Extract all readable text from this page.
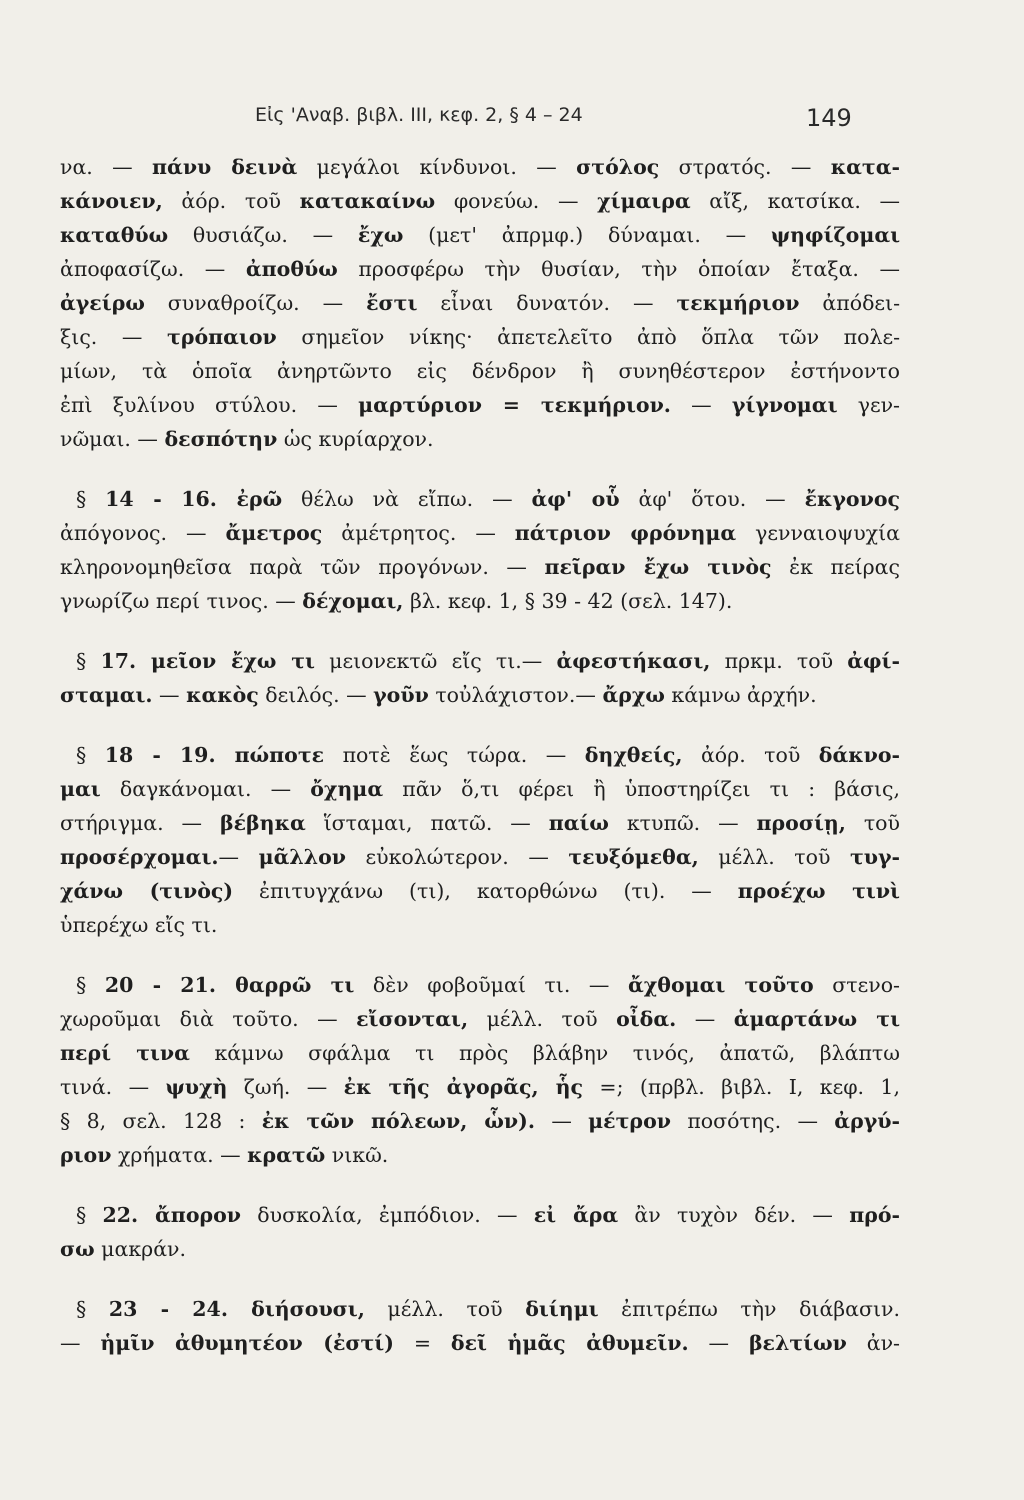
Εἰς 'Αναβ. βιβλ. III, κεφ. 2, § 4 – 24	149
να. — πάνυ δεινὰ μεγάλοι κίνδυνοι. — στόλος στρατός. — κατα-
κάνοιεν, ἀόρ. τοῦ κατακαίνω φονεύω. — χίμαιρα αἴξ, κατσίκα. —
καταθύω θυσιάζω. — ἔχω (μετ' ἀπρμφ.) δύναμαι. — ψηφίζομαι
ἀποφασίζω. — ἀποθύω προσφέρω τὴν θυσίαν, τὴν ὁποίαν ἔταξα. —
ἀγείρω συναθροίζω. — ἔστι εἶναι δυνατόν. — τεκμήριον ἀπόδει-
ξις. — τρόπαιον σημεῖον νίκης· ἀπετελεῖτο ἀπὸ ὅπλα τῶν πολε-
μίων, τὰ ὁποῖα ἀνηρτῶντο εἰς δένδρον ἢ συνηθέστερον ἐστήνοντο
ἐπὶ ξυλίνου στύλου. — μαρτύριον = τεκμήριον. — γίγνομαι γεν-
νῶμαι. — δεσπότην ὡς κυρίαρχον.
§ 14 - 16. ἐρῶ θέλω νὰ εἴπω. — ἀφ' οὗ ἀφ' ὅτου. — ἔκγονος
ἀπόγονος. — ἄμετρος ἀμέτρητος. — πάτριον φρόνημα γενναιοψυχία
κληρονομηθεῖσα παρὰ τῶν προγόνων. — πεῖραν ἔχω τινὸς ἐκ πείρας
γνωρίζω περί τινος. — δέχομαι, βλ. κεφ. 1, § 39 - 42 (σελ. 147).
§ 17. μεῖον ἔχω τι μειονεκτῶ εἴς τι.— ἀφεστήκασι, πρκμ. τοῦ ἀφί-
σταμαι. — κακὸς δειλός. — γοῦν τοὐλάχιστον.— ἄρχω κάμνω ἀρχήν.
§ 18 - 19. πώποτε ποτὲ ἕως τώρα. — δηχθείς, ἀόρ. τοῦ δάκνο-
μαι δαγκάνομαι. — ὄχημα πᾶν ὅ,τι φέρει ἢ ὑποστηρίζει τι : βάσις,
στήριγμα. — βέβηκα ἵσταμαι, πατῶ. — παίω κτυπῶ. — προσίῃ, τοῦ
προσέρχομαι.— μᾶλλον εὐκολώτερον. — τευξόμεθα, μέλλ. τοῦ τυγ-
χάνω (τινὸς) ἐπιτυγχάνω (τι), κατορθώνω (τι). — προέχω τινὶ
ὑπερέχω εἴς τι.
§ 20 - 21. θαρρῶ τι δὲν φοβοῦμαί τι. — ἄχθομαι τοῦτο στενο-
χωροῦμαι διὰ τοῦτο. — εἴσονται, μέλλ. τοῦ οἶδα. — ἁμαρτάνω τι
περί τινα κάμνω σφάλμα τι πρὸς βλάβην τινός, ἀπατῶ, βλάπτω
τινά. — ψυχὴ ζωή. — ἐκ τῆς ἀγορᾶς, ἧς =; (πρβλ. βιβλ. I, κεφ. 1,
§ 8, σελ. 128 : ἐκ τῶν πόλεων, ὧν). — μέτρον ποσότης. — ἀργύ-
ριον χρήματα. — κρατῶ νικῶ.
§ 22. ἄπορον δυσκολία, ἐμπόδιον. — εἰ ἄρα ἂν τυχὸν δέν. — πρό-
σω μακράν.
§ 23 - 24. διήσουσι, μέλλ. τοῦ διίημι ἐπιτρέπω τὴν διάβασιν.
— ἡμῖν ἀθυμητέον (ἐστί) = δεῖ ἡμᾶς ἀθυμεῖν. — βελτίων ἀν-
